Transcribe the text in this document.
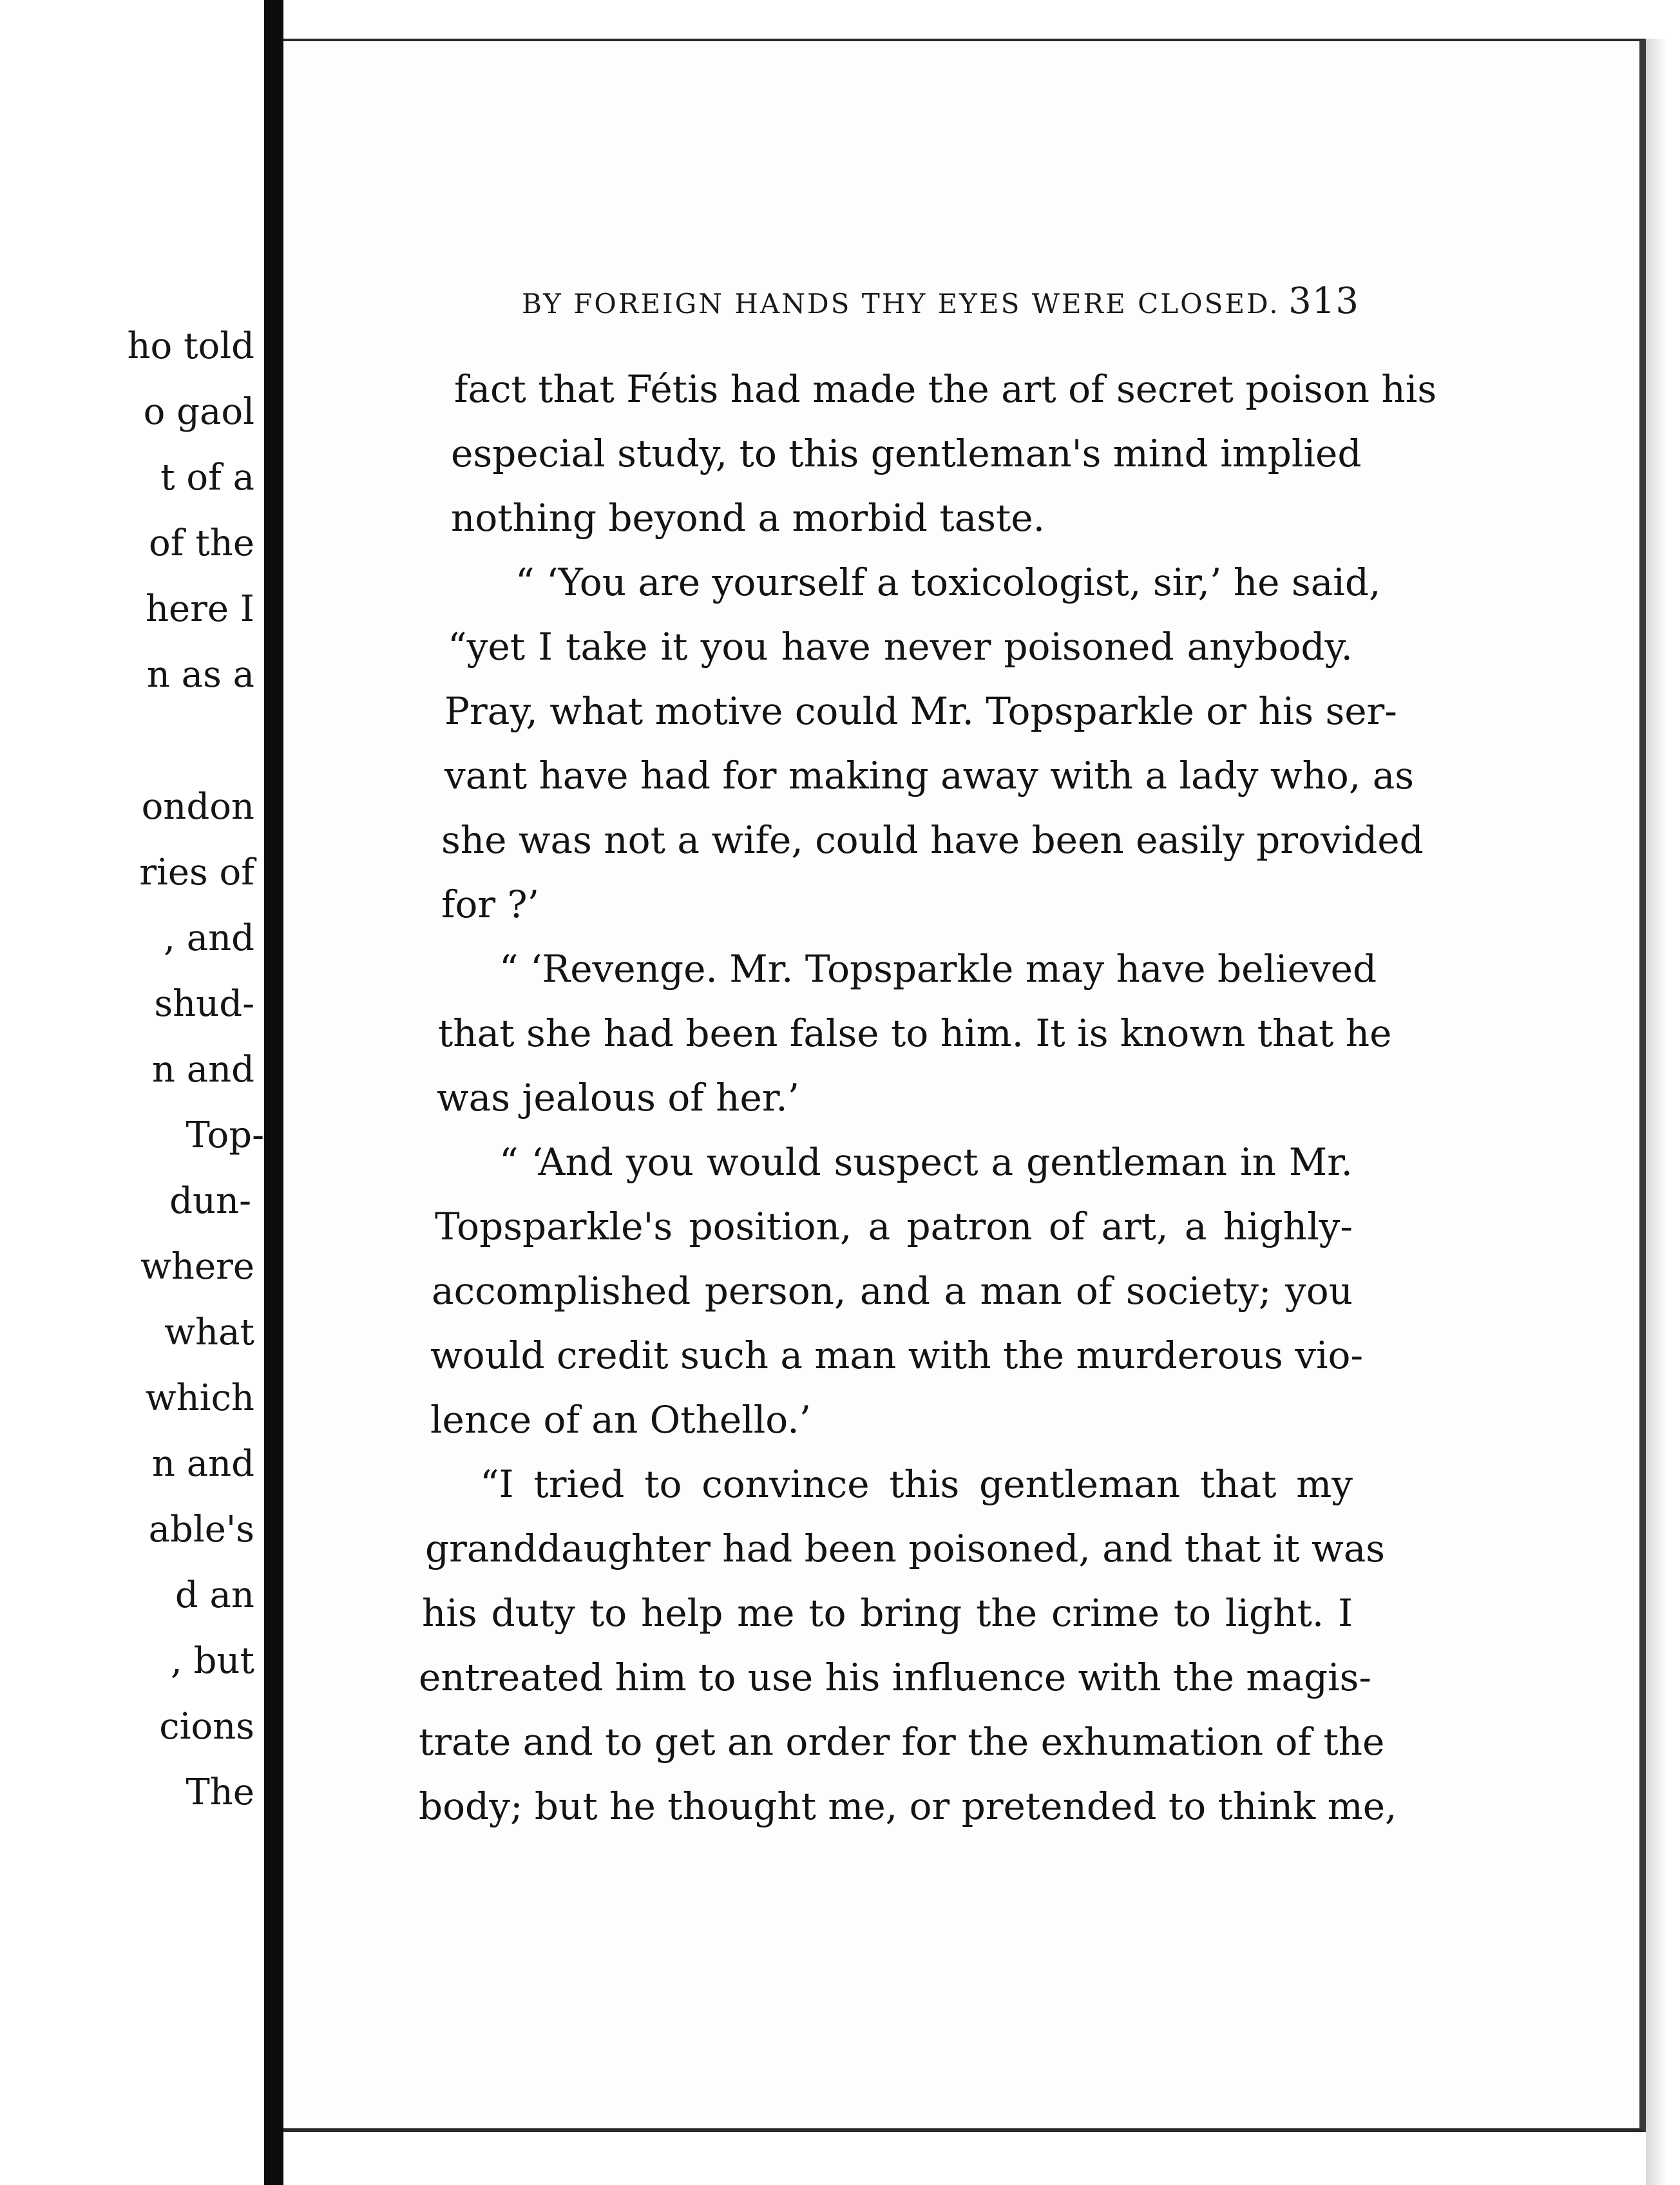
ho told
o gaol
t of a
of the
here I
n as a
ondon
ries of
, and
shud-
n and
Top-
dun-
where
what
which
n and
able's
d an
, but
cions
The
BY FOREIGN HANDS THY EYES WERE CLOSED. 313
fact that Fétis had made the art of secret poison his
especial study, to this gentleman's mind implied
nothing beyond a morbid taste.
“ ‘You are yourself a toxicologist, sir,’ he said,
“yet I take it you have never poisoned anybody.
Pray, what motive could Mr. Topsparkle or his ser-
vant have had for making away with a lady who, as
she was not a wife, could have been easily provided
for ?’
“ ‘Revenge. Mr. Topsparkle may have believed
that she had been false to him. It is known that he
was jealous of her.’
“ ‘And you would suspect a gentleman in Mr.
Topsparkle's position, a patron of art, a highly-
accomplished person, and a man of society; you
would credit such a man with the murderous vio-
lence of an Othello.’
“I tried to convince this gentleman that my
granddaughter had been poisoned, and that it was
his duty to help me to bring the crime to light. I
entreated him to use his influence with the magis-
trate and to get an order for the exhumation of the
body; but he thought me, or pretended to think me,
